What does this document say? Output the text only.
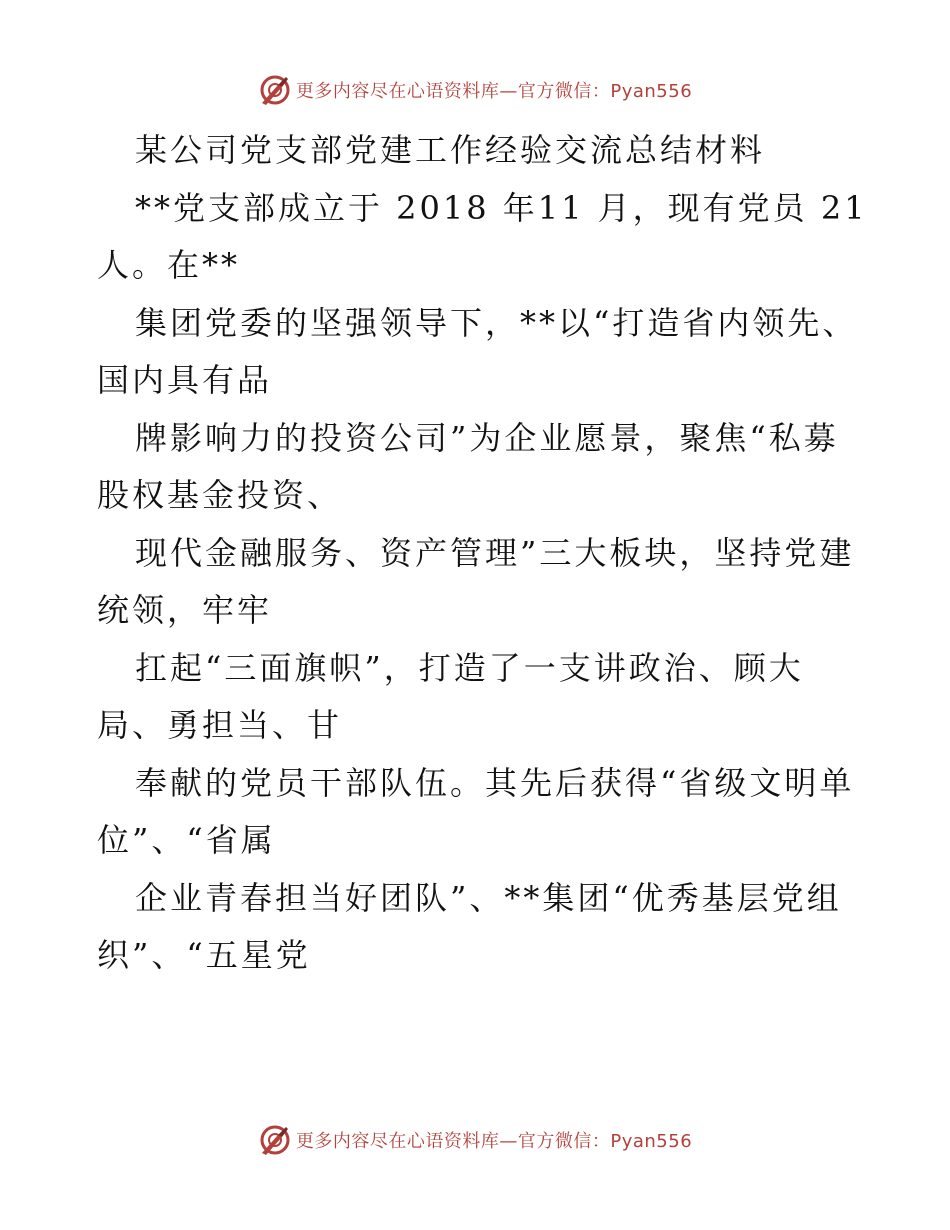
更多内容尽在心语资料库—官方微信：Pyan556
某公司党支部党建工作经验交流总结材料
**党支部成立于 2018 年11 月，现有党员 21
人。在**
集团党委的坚强领导下，**以“打造省内领先、
国内具有品
牌影响力的投资公司”为企业愿景，聚焦“私募
股权基金投资、
现代金融服务、资产管理”三大板块，坚持党建
统领，牢牢
扛起“三面旗帜”，打造了一支讲政治、顾大
局、勇担当、甘
奉献的党员干部队伍。其先后获得“省级文明单
位”、“省属
企业青春担当好团队”、**集团“优秀基层党组
织”、“五星党
更多内容尽在心语资料库—官方微信：Pyan556
